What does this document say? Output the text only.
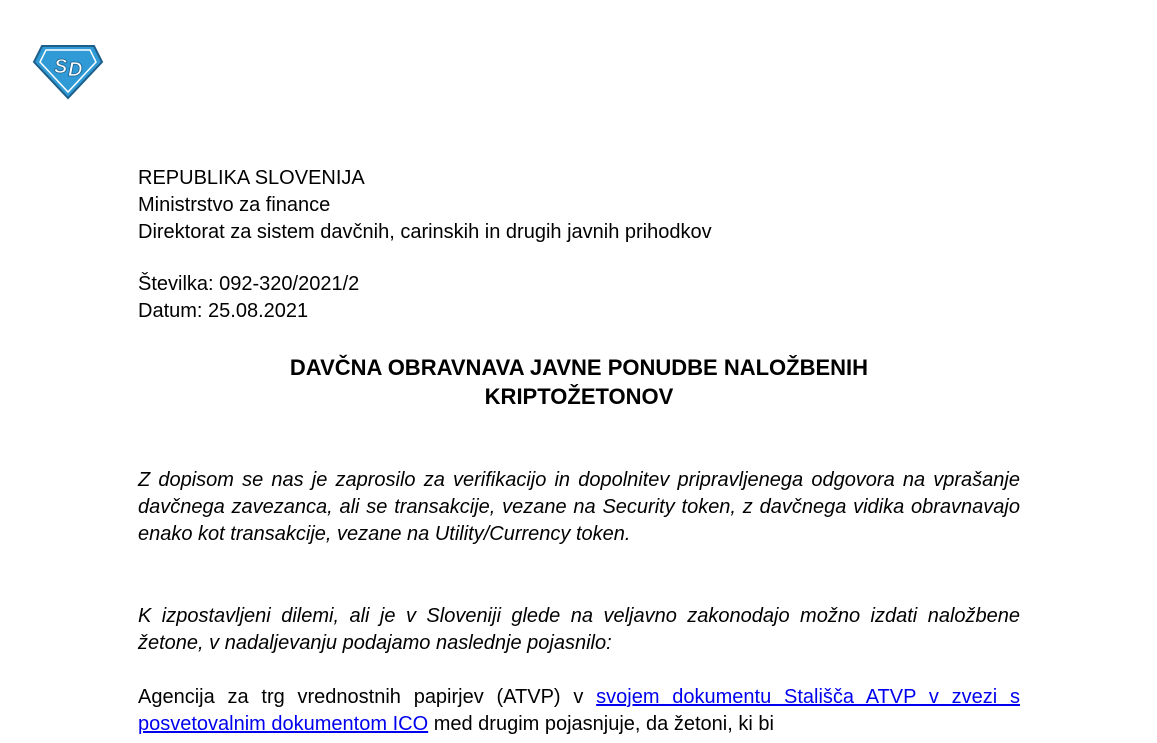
S D
REPUBLIKA SLOVENIJA
Ministrstvo za finance
Direktorat za sistem davčnih, carinskih in drugih javnih prihodkov
Številka: 092-320/2021/2
Datum: 25.08.2021
DAVČNA OBRAVNAVA JAVNE PONUDBE NALOŽBENIH
KRIPTOŽETONOV

Z dopisom se nas je zaprosilo za verifikacijo in dopolnitev pripravljenega odgovora na vprašanje davčnega zavezanca, ali se transakcije, vezane na Security token, z davčnega vidika obravnavajo enako kot transakcije, vezane na Utility/Currency token.

K izpostavljeni dilemi, ali je v Sloveniji glede na veljavno zakonodajo možno izdati naložbene žetone, v nadaljevanju podajamo naslednje pojasnilo:

Agencija za trg vrednostnih papirjev (ATVP) v svojem dokumentu Stališča ATVP v zvezi s posvetovalnim dokumentom ICO med drugim pojasnjuje, da žetoni, ki bi
